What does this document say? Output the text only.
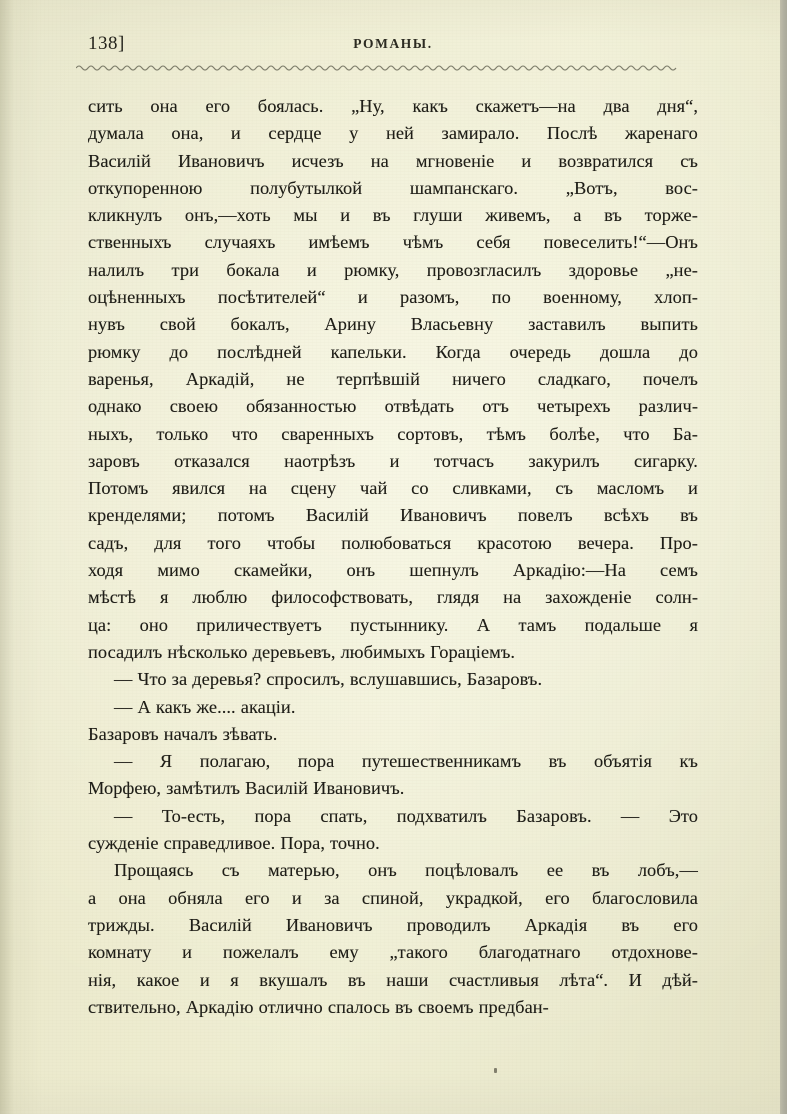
138]	РОМАНЫ.

сить она его боялась. „Ну, какъ скажетъ—на два дня“,
думала она, и сердце у ней замирало. Послѣ жаренаго
Василій Ивановичъ исчезъ на мгновеніе и возвратился съ
откупоренною	полубутылкой	шампанскаго.	„Вотъ,	вос-
кликнулъ онъ,—хоть мы и въ глуши живемъ, а въ торже-
ственныхъ случаяхъ имѣемъ чѣмъ себя повеселить!“—Онъ
налилъ три бокала и рюмку, провозгласилъ здоровье „не-
оцѣненныхъ посѣтителей“ и разомъ, по военному, хлоп-
нувъ свой бокалъ, Арину Власьевну заставилъ выпить
рюмку до послѣдней капельки. Когда очередь дошла до
варенья, Аркадій, не терпѣвшій ничего сладкаго, почелъ
однако своею обязанностью отвѣдать отъ четырехъ различ-
ныхъ, только что сваренныхъ сортовъ, тѣмъ болѣе, что Ба-
заровъ отказался наотрѣзъ и тотчасъ закурилъ сигарку.
Потомъ явился на сцену чай со сливками, съ масломъ и
кренделями; потомъ Василій Ивановичъ повелъ всѣхъ въ
садъ, для того чтобы полюбоваться красотою вечера. Про-
ходя мимо скамейки, онъ шепнулъ Аркадію:—На семъ
мѣстѣ я люблю философствовать, глядя на захожденіе солн-
ца: оно приличествуетъ пустыннику. А тамъ подальше я
посадилъ нѣсколько деревьевъ, любимыхъ Гораціемъ.

— Что за деревья? спросилъ, вслушавшись, Базаровъ.

— А какъ же.... акаціи.

Базаровъ началъ зѣвать.

— Я полагаю, пора путешественникамъ въ объятія къ
Морфею, замѣтилъ Василій Ивановичъ.

— То-есть, пора спать, подхватилъ Базаровъ. — Это
сужденіе справедливое. Пора, точно.

Прощаясь съ матерью, онъ поцѣловалъ ее въ лобъ,—
а она обняла его и за спиной, украдкой, его благословила
трижды. Василій Ивановичъ проводилъ Аркадія въ его
комнату и пожелалъ ему „такого благодатнаго отдохнове-
нія, какое и я вкушалъ въ наши счастливыя лѣта“. И дѣй-
ствительно, Аркадію отлично спалось въ своемъ предбан-
